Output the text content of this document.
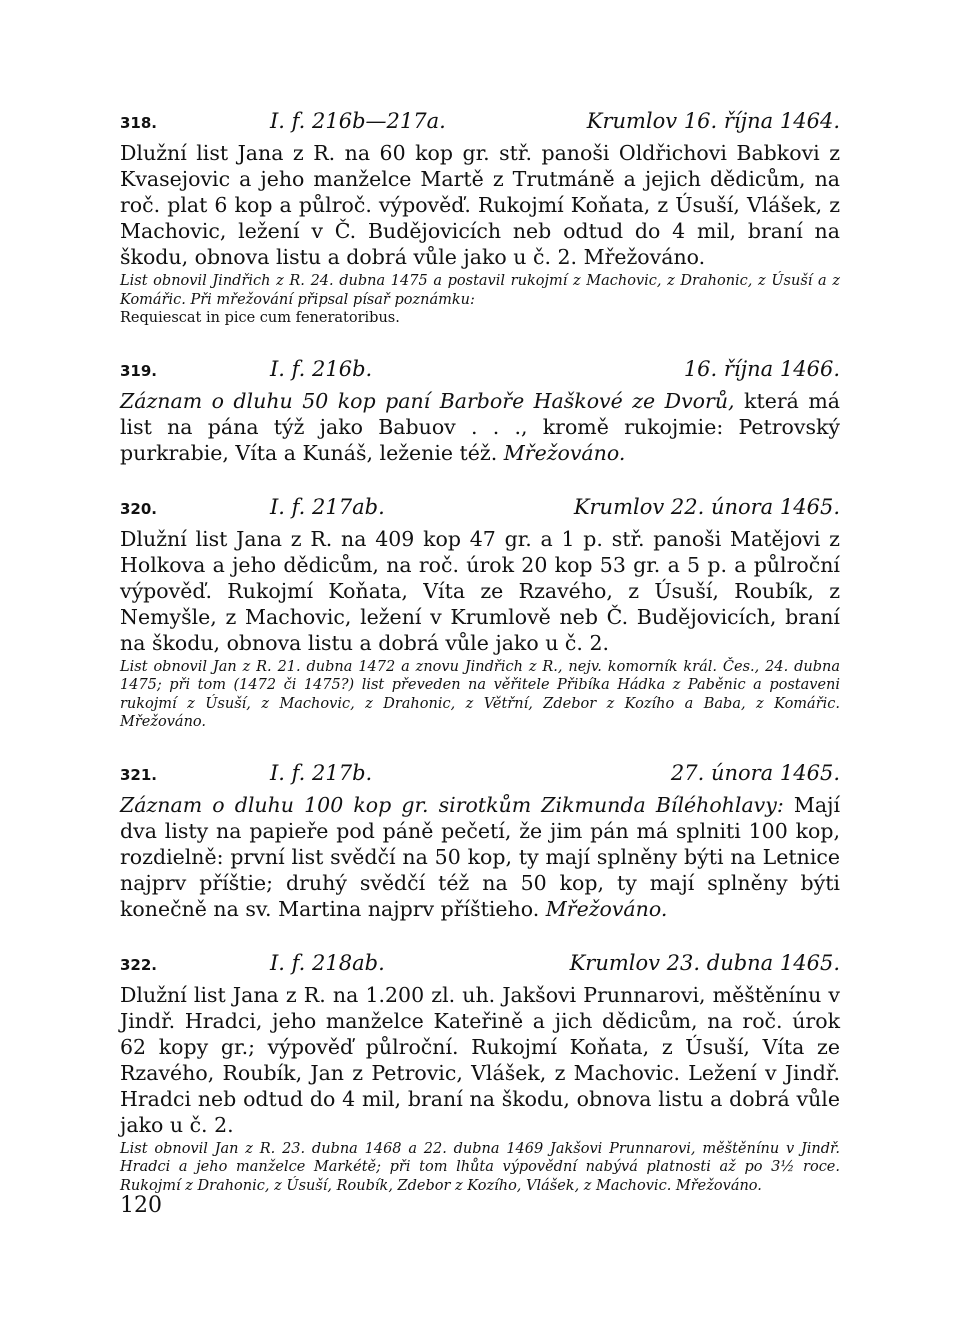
318.	I. f. 216b—217a.	Krumlov 16. října 1464.
Dlužní list Jana z R. na 60 kop gr. stř. panoši Oldřichovi Babkovi z Kvasejovic a jeho manželce Martě z Trutmáně a jejich dědicům, na roč. plat 6 kop a půlroč. výpověď. Rukojmí Koňata, z Úsuší, Vlášek, z Machovic, ležení v Č. Budějovicích neb odtud do 4 mil, braní na škodu, obnova listu a dobrá vůle jako u č. 2. Mřežováno.
List obnovil Jindřich z R. 24. dubna 1475 a postavil rukojmí z Machovic, z Drahonic, z Úsuší a z Komářic. Při mřežování připsal písař poznámku:
Requiescat in pice cum feneratoribus.
319.	I. f. 216b.	16. října 1466.
Záznam o dluhu 50 kop paní Barboře Haškové ze Dvorů, která má list na pána týž jako Babuov . . ., kromě rukojmie: Petrovský purkrabie, Víta a Kunáš, leženie též. Mřežováno.
320.	I. f. 217ab.	Krumlov 22. února 1465.
Dlužní list Jana z R. na 409 kop 47 gr. a 1 p. stř. panoši Matějovi z Holkova a jeho dědicům, na roč. úrok 20 kop 53 gr. a 5 p. a půlroční výpověď. Rukojmí Koňata, Víta ze Rzavého, z Úsuší, Roubík, z Nemyšle, z Machovic, ležení v Krumlově neb Č. Budějovicích, braní na škodu, obnova listu a dobrá vůle jako u č. 2.
List obnovil Jan z R. 21. dubna 1472 a znovu Jindřich z R., nejv. komorník král. Čes., 24. dubna 1475; při tom (1472 či 1475?) list převeden na věřitele Přibíka Hádka z Paběnic a postaveni rukojmí z Úsuší, z Machovic, z Drahonic, z Větřní, Zdebor z Kozího a Baba, z Komářic. Mřežováno.
321.	I. f. 217b.	27. února 1465.
Záznam o dluhu 100 kop gr. sirotkům Zikmunda Bíléhohlavy: Mají dva listy na papieře pod páně pečetí, že jim pán má splniti 100 kop, rozdielně: první list svědčí na 50 kop, ty mají splněny býti na Letnice najprv příštie; druhý svědčí též na 50 kop, ty mají splněny býti konečně na sv. Martina najprv příštieho. Mřežováno.
322.	I. f. 218ab.	Krumlov 23. dubna 1465.
Dlužní list Jana z R. na 1.200 zl. uh. Jakšovi Prunnarovi, měštěnínu v Jindř. Hradci, jeho manželce Kateřině a jich dědicům, na roč. úrok 62 kopy gr.; výpověď půlroční. Rukojmí Koňata, z Úsuší, Víta ze Rzavého, Roubík, Jan z Petrovic, Vlášek, z Machovic. Ležení v Jindř. Hradci neb odtud do 4 mil, braní na škodu, obnova listu a dobrá vůle jako u č. 2.
List obnovil Jan z R. 23. dubna 1468 a 22. dubna 1469 Jakšovi Prunnarovi, měštěnínu v Jindř. Hradci a jeho manželce Markétě; při tom lhůta výpovědní nabývá platnosti až po 3½ roce. Rukojmí z Drahonic, z Úsuší, Roubík, Zdebor z Kozího, Vlášek, z Machovic. Mřežováno.
120
